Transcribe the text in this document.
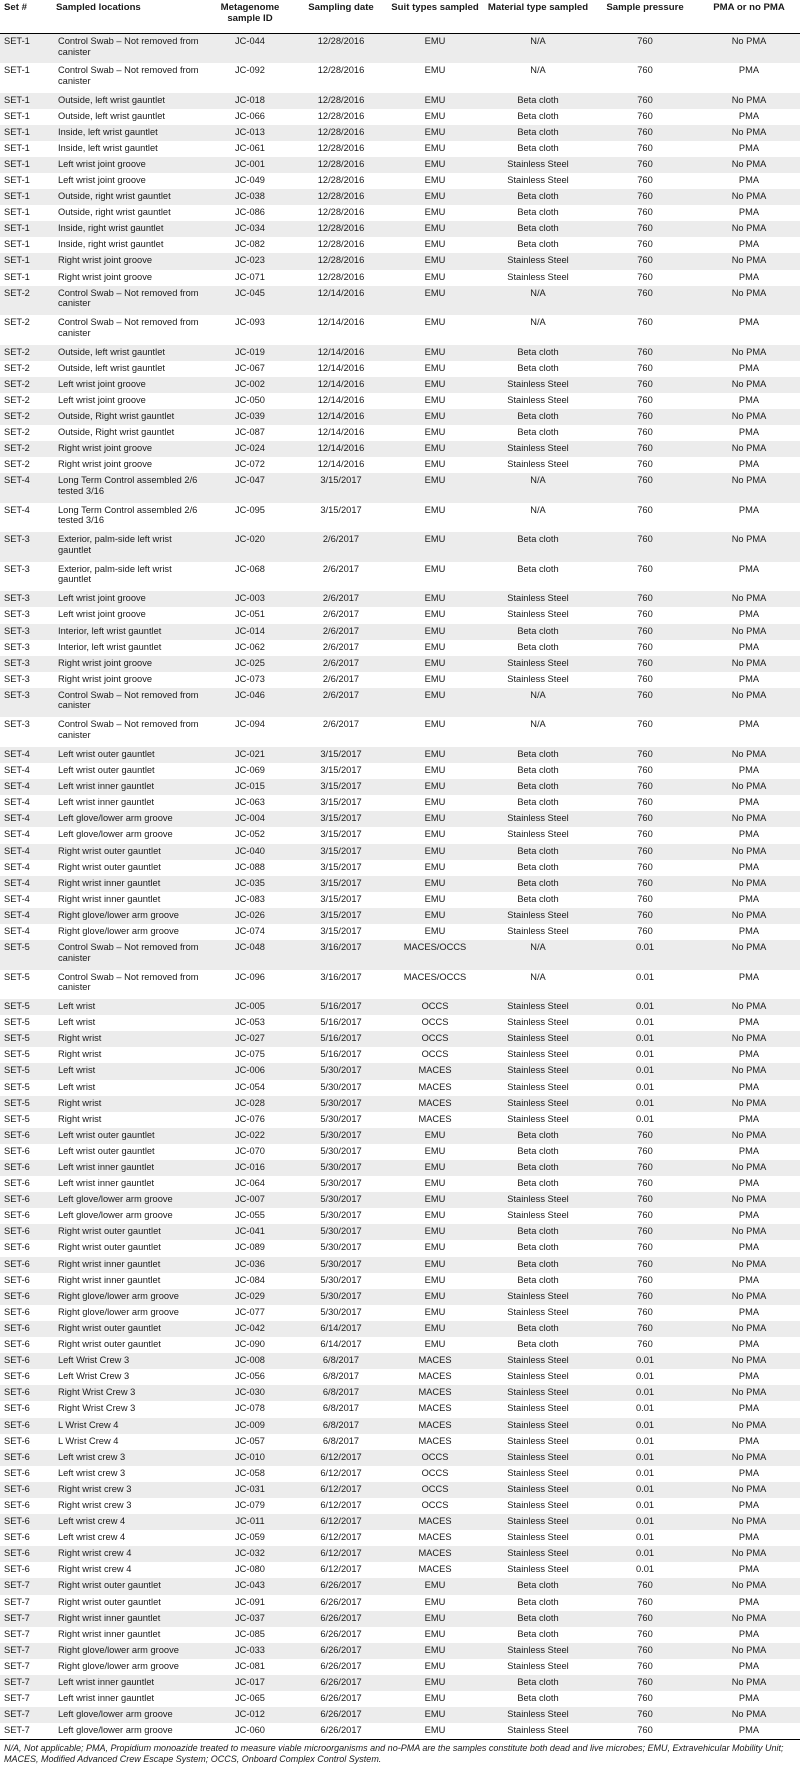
Set #	Sampled locations	Metagenome sample ID	Sampling date	Suit types sampled	Material type sampled	Sample pressure	PMA or no PMA
SET-1	Control Swab – Not removed from canister	JC-044	12/28/2016	EMU	N/A	760	No PMA
SET-1	Control Swab – Not removed from canister	JC-092	12/28/2016	EMU	N/A	760	PMA
SET-1	Outside, left wrist gauntlet	JC-018	12/28/2016	EMU	Beta cloth	760	No PMA
SET-1	Outside, left wrist gauntlet	JC-066	12/28/2016	EMU	Beta cloth	760	PMA
SET-1	Inside, left wrist gauntlet	JC-013	12/28/2016	EMU	Beta cloth	760	No PMA
SET-1	Inside, left wrist gauntlet	JC-061	12/28/2016	EMU	Beta cloth	760	PMA
SET-1	Left wrist joint groove	JC-001	12/28/2016	EMU	Stainless Steel	760	No PMA
SET-1	Left wrist joint groove	JC-049	12/28/2016	EMU	Stainless Steel	760	PMA
SET-1	Outside, right wrist gauntlet	JC-038	12/28/2016	EMU	Beta cloth	760	No PMA
SET-1	Outside, right wrist gauntlet	JC-086	12/28/2016	EMU	Beta cloth	760	PMA
SET-1	Inside, right wrist gauntlet	JC-034	12/28/2016	EMU	Beta cloth	760	No PMA
SET-1	Inside, right wrist gauntlet	JC-082	12/28/2016	EMU	Beta cloth	760	PMA
SET-1	Right wrist joint groove	JC-023	12/28/2016	EMU	Stainless Steel	760	No PMA
SET-1	Right wrist joint groove	JC-071	12/28/2016	EMU	Stainless Steel	760	PMA
SET-2	Control Swab – Not removed from canister	JC-045	12/14/2016	EMU	N/A	760	No PMA
SET-2	Control Swab – Not removed from canister	JC-093	12/14/2016	EMU	N/A	760	PMA
SET-2	Outside, left wrist gauntlet	JC-019	12/14/2016	EMU	Beta cloth	760	No PMA
SET-2	Outside, left wrist gauntlet	JC-067	12/14/2016	EMU	Beta cloth	760	PMA
SET-2	Left wrist joint groove	JC-002	12/14/2016	EMU	Stainless Steel	760	No PMA
SET-2	Left wrist joint groove	JC-050	12/14/2016	EMU	Stainless Steel	760	PMA
SET-2	Outside, Right wrist gauntlet	JC-039	12/14/2016	EMU	Beta cloth	760	No PMA
SET-2	Outside, Right wrist gauntlet	JC-087	12/14/2016	EMU	Beta cloth	760	PMA
SET-2	Right wrist joint groove	JC-024	12/14/2016	EMU	Stainless Steel	760	No PMA
SET-2	Right wrist joint groove	JC-072	12/14/2016	EMU	Stainless Steel	760	PMA
SET-4	Long Term Control assembled 2/6 tested 3/16	JC-047	3/15/2017	EMU	N/A	760	No PMA
SET-4	Long Term Control assembled 2/6 tested 3/16	JC-095	3/15/2017	EMU	N/A	760	PMA
SET-3	Exterior, palm-side left wrist gauntlet	JC-020	2/6/2017	EMU	Beta cloth	760	No PMA
SET-3	Exterior, palm-side left wrist gauntlet	JC-068	2/6/2017	EMU	Beta cloth	760	PMA
SET-3	Left wrist joint groove	JC-003	2/6/2017	EMU	Stainless Steel	760	No PMA
SET-3	Left wrist joint groove	JC-051	2/6/2017	EMU	Stainless Steel	760	PMA
SET-3	Interior, left wrist gauntlet	JC-014	2/6/2017	EMU	Beta cloth	760	No PMA
SET-3	Interior, left wrist gauntlet	JC-062	2/6/2017	EMU	Beta cloth	760	PMA
SET-3	Right wrist joint groove	JC-025	2/6/2017	EMU	Stainless Steel	760	No PMA
SET-3	Right wrist joint groove	JC-073	2/6/2017	EMU	Stainless Steel	760	PMA
SET-3	Control Swab – Not removed from canister	JC-046	2/6/2017	EMU	N/A	760	No PMA
SET-3	Control Swab – Not removed from canister	JC-094	2/6/2017	EMU	N/A	760	PMA
SET-4	Left wrist outer gauntlet	JC-021	3/15/2017	EMU	Beta cloth	760	No PMA
SET-4	Left wrist outer gauntlet	JC-069	3/15/2017	EMU	Beta cloth	760	PMA
SET-4	Left wrist inner gauntlet	JC-015	3/15/2017	EMU	Beta cloth	760	No PMA
SET-4	Left wrist inner gauntlet	JC-063	3/15/2017	EMU	Beta cloth	760	PMA
SET-4	Left glove/lower arm groove	JC-004	3/15/2017	EMU	Stainless Steel	760	No PMA
SET-4	Left glove/lower arm groove	JC-052	3/15/2017	EMU	Stainless Steel	760	PMA
SET-4	Right wrist outer gauntlet	JC-040	3/15/2017	EMU	Beta cloth	760	No PMA
SET-4	Right wrist outer gauntlet	JC-088	3/15/2017	EMU	Beta cloth	760	PMA
SET-4	Right wrist inner gauntlet	JC-035	3/15/2017	EMU	Beta cloth	760	No PMA
SET-4	Right wrist inner gauntlet	JC-083	3/15/2017	EMU	Beta cloth	760	PMA
SET-4	Right glove/lower arm groove	JC-026	3/15/2017	EMU	Stainless Steel	760	No PMA
SET-4	Right glove/lower arm groove	JC-074	3/15/2017	EMU	Stainless Steel	760	PMA
SET-5	Control Swab – Not removed from canister	JC-048	3/16/2017	MACES/OCCS	N/A	0.01	No PMA
SET-5	Control Swab – Not removed from canister	JC-096	3/16/2017	MACES/OCCS	N/A	0.01	PMA
SET-5	Left wrist	JC-005	5/16/2017	OCCS	Stainless Steel	0.01	No PMA
SET-5	Left wrist	JC-053	5/16/2017	OCCS	Stainless Steel	0.01	PMA
SET-5	Right wrist	JC-027	5/16/2017	OCCS	Stainless Steel	0.01	No PMA
SET-5	Right wrist	JC-075	5/16/2017	OCCS	Stainless Steel	0.01	PMA
SET-5	Left wrist	JC-006	5/30/2017	MACES	Stainless Steel	0.01	No PMA
SET-5	Left wrist	JC-054	5/30/2017	MACES	Stainless Steel	0.01	PMA
SET-5	Right wrist	JC-028	5/30/2017	MACES	Stainless Steel	0.01	No PMA
SET-5	Right wrist	JC-076	5/30/2017	MACES	Stainless Steel	0.01	PMA
SET-6	Left wrist outer gauntlet	JC-022	5/30/2017	EMU	Beta cloth	760	No PMA
SET-6	Left wrist outer gauntlet	JC-070	5/30/2017	EMU	Beta cloth	760	PMA
SET-6	Left wrist inner gauntlet	JC-016	5/30/2017	EMU	Beta cloth	760	No PMA
SET-6	Left wrist inner gauntlet	JC-064	5/30/2017	EMU	Beta cloth	760	PMA
SET-6	Left glove/lower arm groove	JC-007	5/30/2017	EMU	Stainless Steel	760	No PMA
SET-6	Left glove/lower arm groove	JC-055	5/30/2017	EMU	Stainless Steel	760	PMA
SET-6	Right wrist outer gauntlet	JC-041	5/30/2017	EMU	Beta cloth	760	No PMA
SET-6	Right wrist outer gauntlet	JC-089	5/30/2017	EMU	Beta cloth	760	PMA
SET-6	Right wrist inner gauntlet	JC-036	5/30/2017	EMU	Beta cloth	760	No PMA
SET-6	Right wrist inner gauntlet	JC-084	5/30/2017	EMU	Beta cloth	760	PMA
SET-6	Right glove/lower arm groove	JC-029	5/30/2017	EMU	Stainless Steel	760	No PMA
SET-6	Right glove/lower arm groove	JC-077	5/30/2017	EMU	Stainless Steel	760	PMA
SET-6	Right wrist outer gauntlet	JC-042	6/14/2017	EMU	Beta cloth	760	No PMA
SET-6	Right wrist outer gauntlet	JC-090	6/14/2017	EMU	Beta cloth	760	PMA
SET-6	Left Wrist Crew 3	JC-008	6/8/2017	MACES	Stainless Steel	0.01	No PMA
SET-6	Left Wrist Crew 3	JC-056	6/8/2017	MACES	Stainless Steel	0.01	PMA
SET-6	Right Wrist Crew 3	JC-030	6/8/2017	MACES	Stainless Steel	0.01	No PMA
SET-6	Right Wrist Crew 3	JC-078	6/8/2017	MACES	Stainless Steel	0.01	PMA
SET-6	L Wrist Crew 4	JC-009	6/8/2017	MACES	Stainless Steel	0.01	No PMA
SET-6	L Wrist Crew 4	JC-057	6/8/2017	MACES	Stainless Steel	0.01	PMA
SET-6	Left wrist crew 3	JC-010	6/12/2017	OCCS	Stainless Steel	0.01	No PMA
SET-6	Left wrist crew 3	JC-058	6/12/2017	OCCS	Stainless Steel	0.01	PMA
SET-6	Right wrist crew 3	JC-031	6/12/2017	OCCS	Stainless Steel	0.01	No PMA
SET-6	Right wrist crew 3	JC-079	6/12/2017	OCCS	Stainless Steel	0.01	PMA
SET-6	Left wrist crew 4	JC-011	6/12/2017	MACES	Stainless Steel	0.01	No PMA
SET-6	Left wrist crew 4	JC-059	6/12/2017	MACES	Stainless Steel	0.01	PMA
SET-6	Right wrist crew 4	JC-032	6/12/2017	MACES	Stainless Steel	0.01	No PMA
SET-6	Right wrist crew 4	JC-080	6/12/2017	MACES	Stainless Steel	0.01	PMA
SET-7	Right wrist outer gauntlet	JC-043	6/26/2017	EMU	Beta cloth	760	No PMA
SET-7	Right wrist outer gauntlet	JC-091	6/26/2017	EMU	Beta cloth	760	PMA
SET-7	Right wrist inner gauntlet	JC-037	6/26/2017	EMU	Beta cloth	760	No PMA
SET-7	Right wrist inner gauntlet	JC-085	6/26/2017	EMU	Beta cloth	760	PMA
SET-7	Right glove/lower arm groove	JC-033	6/26/2017	EMU	Stainless Steel	760	No PMA
SET-7	Right glove/lower arm groove	JC-081	6/26/2017	EMU	Stainless Steel	760	PMA
SET-7	Left wrist inner gauntlet	JC-017	6/26/2017	EMU	Beta cloth	760	No PMA
SET-7	Left wrist inner gauntlet	JC-065	6/26/2017	EMU	Beta cloth	760	PMA
SET-7	Left glove/lower arm groove	JC-012	6/26/2017	EMU	Stainless Steel	760	No PMA
SET-7	Left glove/lower arm groove	JC-060	6/26/2017	EMU	Stainless Steel	760	PMA
N/A, Not applicable; PMA, Propidium monoazide treated to measure viable microorganisms and no-PMA are the samples constitute both dead and live microbes; EMU, Extravehicular Mobility Unit; MACES, Modified Advanced Crew Escape System; OCCS, Onboard Complex Control System.
